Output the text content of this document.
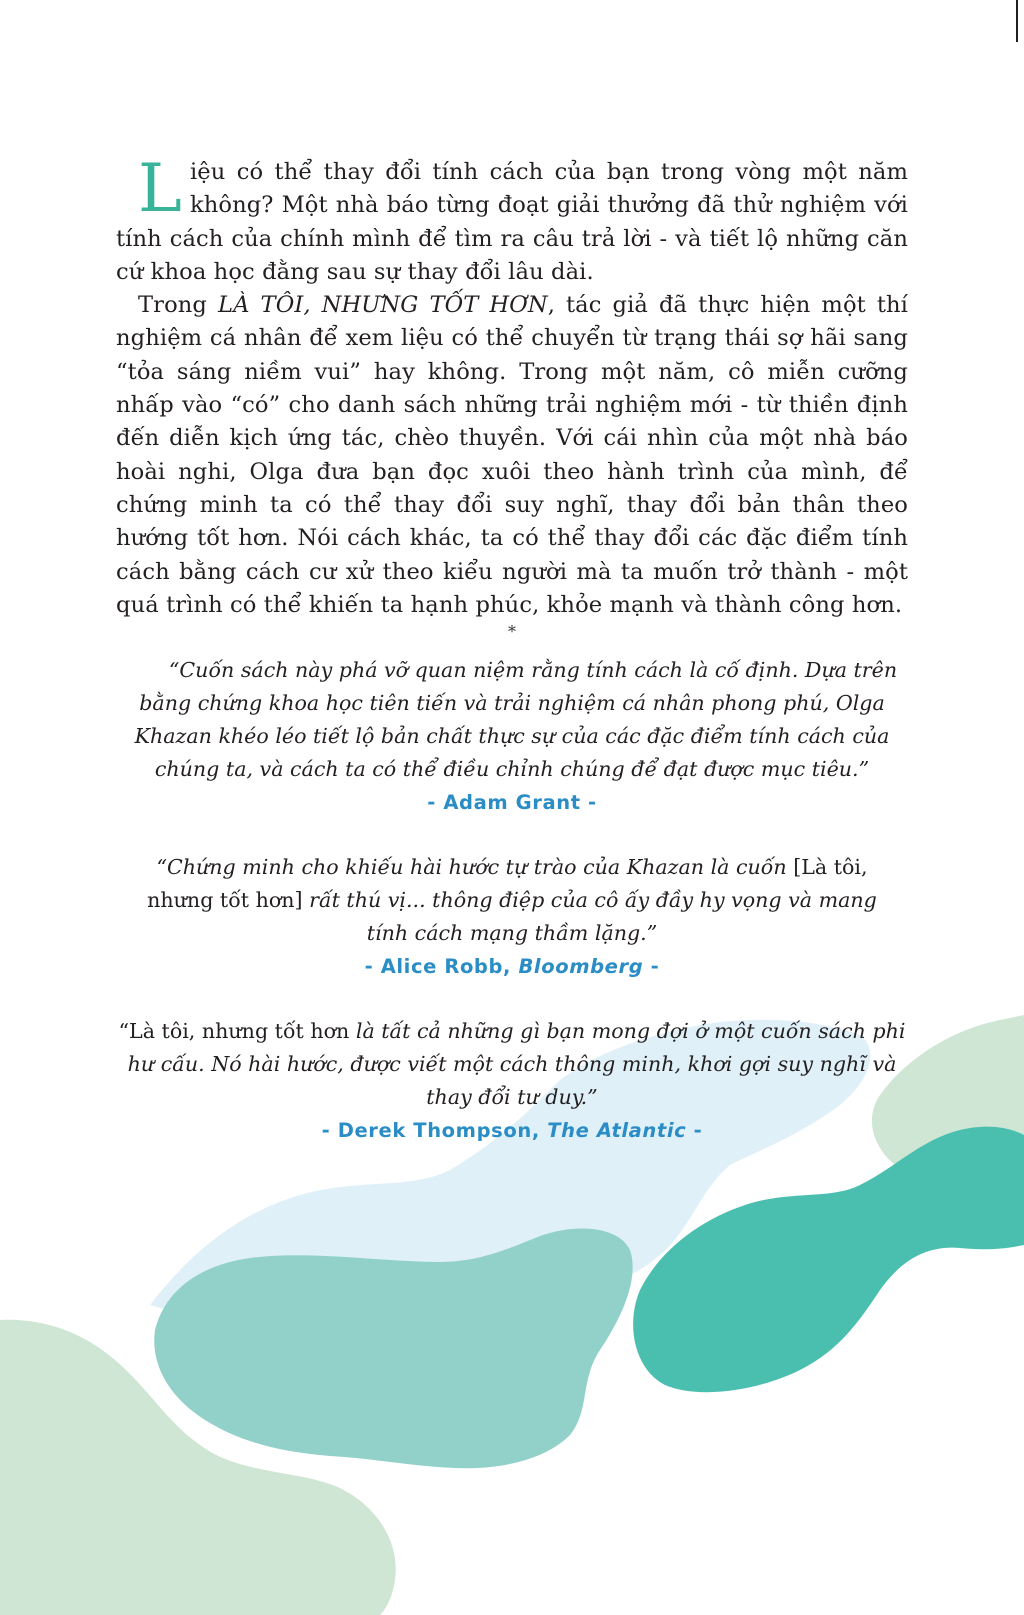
Liệu có thể thay đổi tính cách của bạn trong vòng một năm không? Một nhà báo từng đoạt giải thưởng đã thử nghiệm với tính cách của chính mình để tìm ra câu trả lời - và tiết lộ những căn cứ khoa học đằng sau sự thay đổi lâu dài.

Trong LÀ TÔI, NHƯNG TỐT HƠN, tác giả đã thực hiện một thí nghiệm cá nhân để xem liệu có thể chuyển từ trạng thái sợ hãi sang “tỏa sáng niềm vui” hay không. Trong một năm, cô miễn cưỡng nhấp vào “có” cho danh sách những trải nghiệm mới - từ thiền định đến diễn kịch ứng tác, chèo thuyền. Với cái nhìn của một nhà báo hoài nghi, Olga đưa bạn đọc xuôi theo hành trình của mình, để chứng minh ta có thể thay đổi suy nghĩ, thay đổi bản thân theo hướng tốt hơn. Nói cách khác, ta có thể thay đổi các đặc điểm tính cách bằng cách cư xử theo kiểu người mà ta muốn trở thành - một quá trình có thể khiến ta hạnh phúc, khỏe mạnh và thành công hơn.

*

“Cuốn sách này phá vỡ quan niệm rằng tính cách là cố định. Dựa trên bằng chứng khoa học tiên tiến và trải nghiệm cá nhân phong phú, Olga Khazan khéo léo tiết lộ bản chất thực sự của các đặc điểm tính cách của chúng ta, và cách ta có thể điều chỉnh chúng để đạt được mục tiêu.”

- Adam Grant -

“Chứng minh cho khiếu hài hước tự trào của Khazan là cuốn [Là tôi, nhưng tốt hơn] rất thú vị... thông điệp của cô ấy đầy hy vọng và mang tính cách mạng thầm lặng.”

- Alice Robb, Bloomberg -

“Là tôi, nhưng tốt hơn là tất cả những gì bạn mong đợi ở một cuốn sách phi hư cấu. Nó hài hước, được viết một cách thông minh, khơi gợi suy nghĩ và thay đổi tư duy.”

- Derek Thompson, The Atlantic -
